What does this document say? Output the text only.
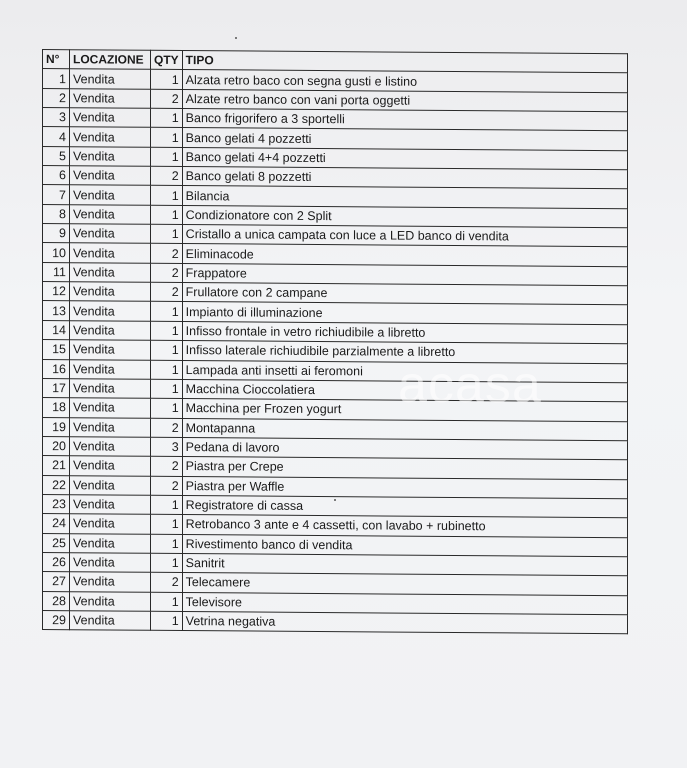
N°	LOCAZIONE	QTY	TIPO
1	Vendita	1	Alzata retro baco con segna gusti e listino
2	Vendita	2	Alzate retro banco con vani porta oggetti
3	Vendita	1	Banco frigorifero a 3 sportelli
4	Vendita	1	Banco gelati 4 pozzetti
5	Vendita	1	Banco gelati 4+4 pozzetti
6	Vendita	2	Banco gelati 8 pozzetti
7	Vendita	1	Bilancia
8	Vendita	1	Condizionatore con 2 Split
9	Vendita	1	Cristallo a unica campata con luce a LED banco di vendita
10	Vendita	2	Eliminacode
11	Vendita	2	Frappatore
12	Vendita	2	Frullatore con 2 campane
13	Vendita	1	Impianto di illuminazione
14	Vendita	1	Infisso frontale in vetro richiudibile a libretto
15	Vendita	1	Infisso laterale richiudibile parzialmente a libretto
16	Vendita	1	Lampada anti insetti ai feromoni
17	Vendita	1	Macchina Cioccolatiera
18	Vendita	1	Macchina per Frozen yogurt
19	Vendita	2	Montapanna
20	Vendita	3	Pedana di lavoro
21	Vendita	2	Piastra per Crepe
22	Vendita	2	Piastra per Waffle
23	Vendita	1	Registratore di cassa
24	Vendita	1	Retrobanco 3 ante e 4 cassetti, con lavabo + rubinetto
25	Vendita	1	Rivestimento banco di vendita
26	Vendita	1	Sanitrit
27	Vendita	2	Telecamere
28	Vendita	1	Televisore
29	Vendita	1	Vetrina negativa
acasa
